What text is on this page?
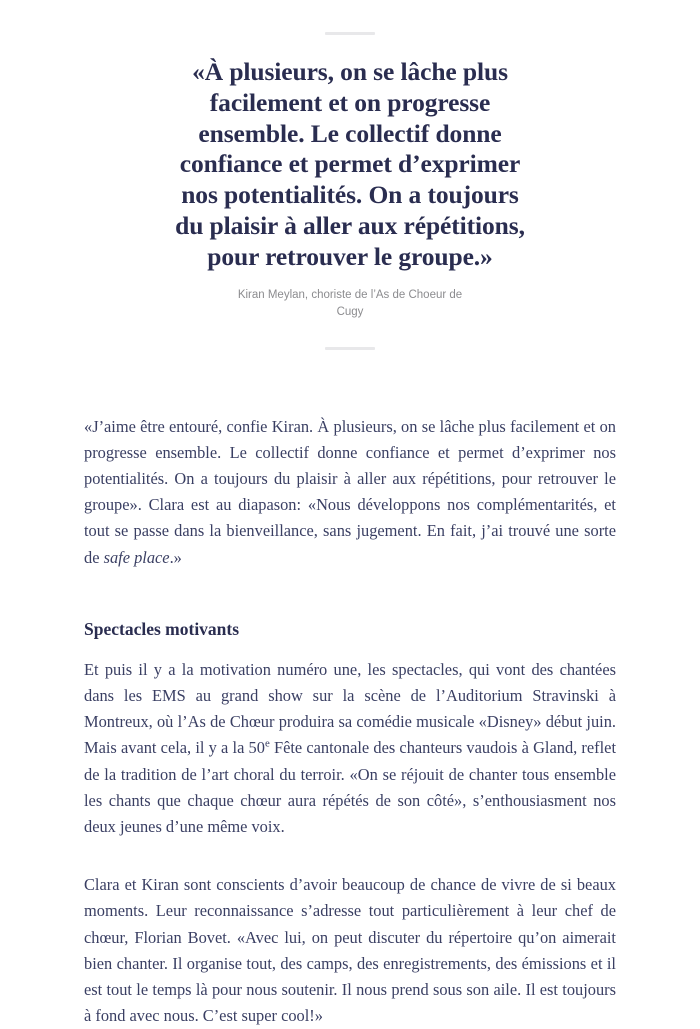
«À plusieurs, on se lâche plus facilement et on progresse ensemble. Le collectif donne confiance et permet d’exprimer nos potentialités. On a toujours du plaisir à aller aux répétitions, pour retrouver le groupe.»
Kiran Meylan, choriste de l’As de Choeur de Cugy

«J’aime être entouré, confie Kiran. À plusieurs, on se lâche plus facilement et on progresse ensemble. Le collectif donne confiance et permet d’exprimer nos potentialités. On a toujours du plaisir à aller aux répétitions, pour retrouver le groupe». Clara est au diapason: «Nous développons nos complémentarités, et tout se passe dans la bienveillance, sans jugement. En fait, j’ai trouvé une sorte de safe place.»

Spectacles motivants

Et puis il y a la motivation numéro une, les spectacles, qui vont des chantées dans les EMS au grand show sur la scène de l’Auditorium Stravinski à Montreux, où l’As de Chœur produira sa comédie musicale «Disney» début juin. Mais avant cela, il y a la 50e Fête cantonale des chanteurs vaudois à Gland, reflet de la tradition de l’art choral du terroir. «On se réjouit de chanter tous ensemble les chants que chaque chœur aura répétés de son côté», s’enthousiasment nos deux jeunes d’une même voix.

Clara et Kiran sont conscients d’avoir beaucoup de chance de vivre de si beaux moments. Leur reconnaissance s’adresse tout particulièrement à leur chef de chœur, Florian Bovet. «Avec lui, on peut discuter du répertoire qu’on aimerait bien chanter. Il organise tout, des camps, des enregistrements, des émissions et il est tout le temps là pour nous soutenir. Il nous prend sous son aile. Il est toujours à fond avec nous. C’est super cool!»
